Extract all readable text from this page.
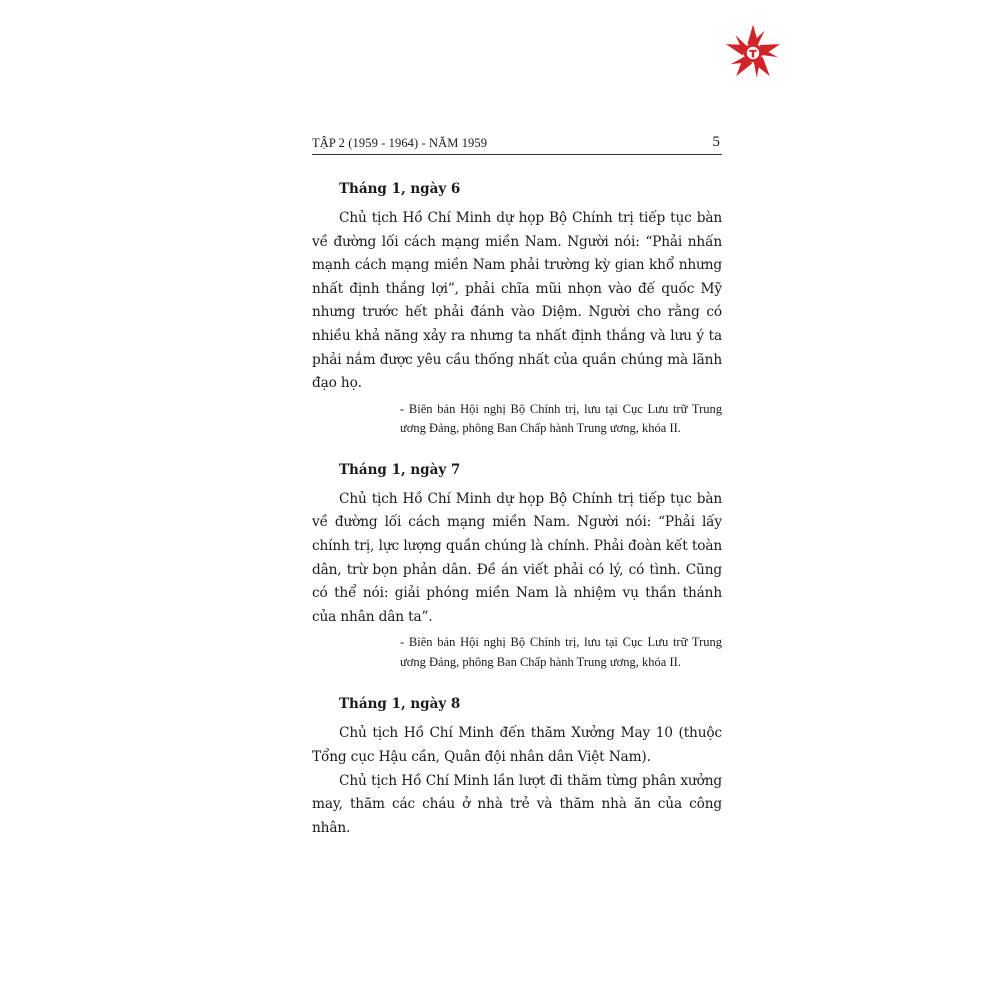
TẬP 2 (1959 - 1964) - NĂM 1959	5
Tháng 1, ngày 6

Chủ tịch Hồ Chí Minh dự họp Bộ Chính trị tiếp tục bàn về đường lối cách mạng miền Nam. Người nói: “Phải nhấn mạnh cách mạng miền Nam phải trường kỳ gian khổ nhưng nhất định thắng lợi”, phải chĩa mũi nhọn vào đế quốc Mỹ nhưng trước hết phải đánh vào Diệm. Người cho rằng có nhiều khả năng xảy ra nhưng ta nhất định thắng và lưu ý ta phải nắm được yêu cầu thống nhất của quần chúng mà lãnh đạo họ.

- Biên bản Hội nghị Bộ Chính trị, lưu tại Cục Lưu trữ Trung ương Đảng, phông Ban Chấp hành Trung ương, khóa II.

Tháng 1, ngày 7

Chủ tịch Hồ Chí Minh dự họp Bộ Chính trị tiếp tục bàn về đường lối cách mạng miền Nam. Người nói: “Phải lấy chính trị, lực lượng quần chúng là chính. Phải đoàn kết toàn dân, trừ bọn phản dân. Đề án viết phải có lý, có tình. Cũng có thể nói: giải phóng miền Nam là nhiệm vụ thần thánh của nhân dân ta”.

- Biên bản Hội nghị Bộ Chính trị, lưu tại Cục Lưu trữ Trung ương Đảng, phông Ban Chấp hành Trung ương, khóa II.

Tháng 1, ngày 8

Chủ tịch Hồ Chí Minh đến thăm Xưởng May 10 (thuộc Tổng cục Hậu cần, Quân đội nhân dân Việt Nam).

Chủ tịch Hồ Chí Minh lần lượt đi thăm từng phân xưởng may, thăm các cháu ở nhà trẻ và thăm nhà ăn của công nhân.
